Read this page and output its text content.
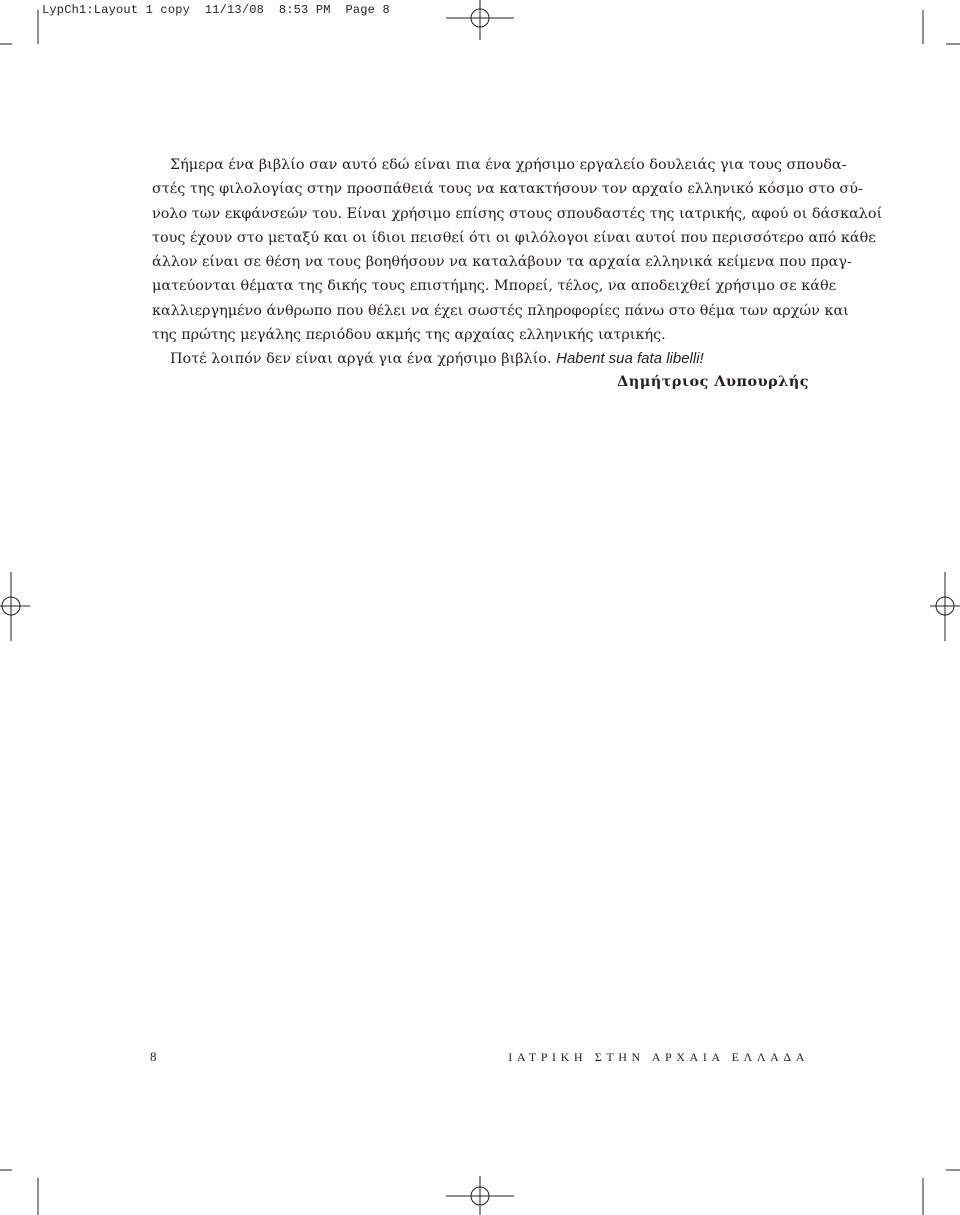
LypCh1:Layout 1 copy  11/13/08  8:53 PM  Page 8
Σήμερα ένα βιβλίο σαν αυτό εδώ είναι πια ένα χρήσιμο εργαλείο δουλειάς για τους σπουδα-
στές της φιλολογίας στην προσπάθειά τους να κατακτήσουν τον αρχαίο ελληνικό κόσμο στο σύ-
νολο των εκφάνσεών του. Είναι χρήσιμο επίσης στους σπουδαστές της ιατρικής, αφού οι δάσκαλοί
τους έχουν στο μεταξύ και οι ίδιοι πεισθεί ότι οι φιλόλογοι είναι αυτοί που περισσότερο από κάθε
άλλον είναι σε θέση να τους βοηθήσουν να καταλάβουν τα αρχαία ελληνικά κείμενα που πραγ-
ματεύονται θέματα της δικής τους επιστήμης. Μπορεί, τέλος, να αποδειχθεί χρήσιμο σε κάθε
καλλιεργημένο άνθρωπο που θέλει να έχει σωστές πληροφορίες πάνω στο θέμα των αρχών και
της πρώτης μεγάλης περιόδου ακμής της αρχαίας ελληνικής ιατρικής.
Ποτέ λοιπόν δεν είναι αργά για ένα χρήσιμο βιβλίο. Habent sua fata libelli!
Δημήτριος Λυπουρλής
8	ΙΑΤΡΙΚΗ ΣΤΗΝ ΑΡΧΑΙΑ ΕΛΛΑΔΑ
